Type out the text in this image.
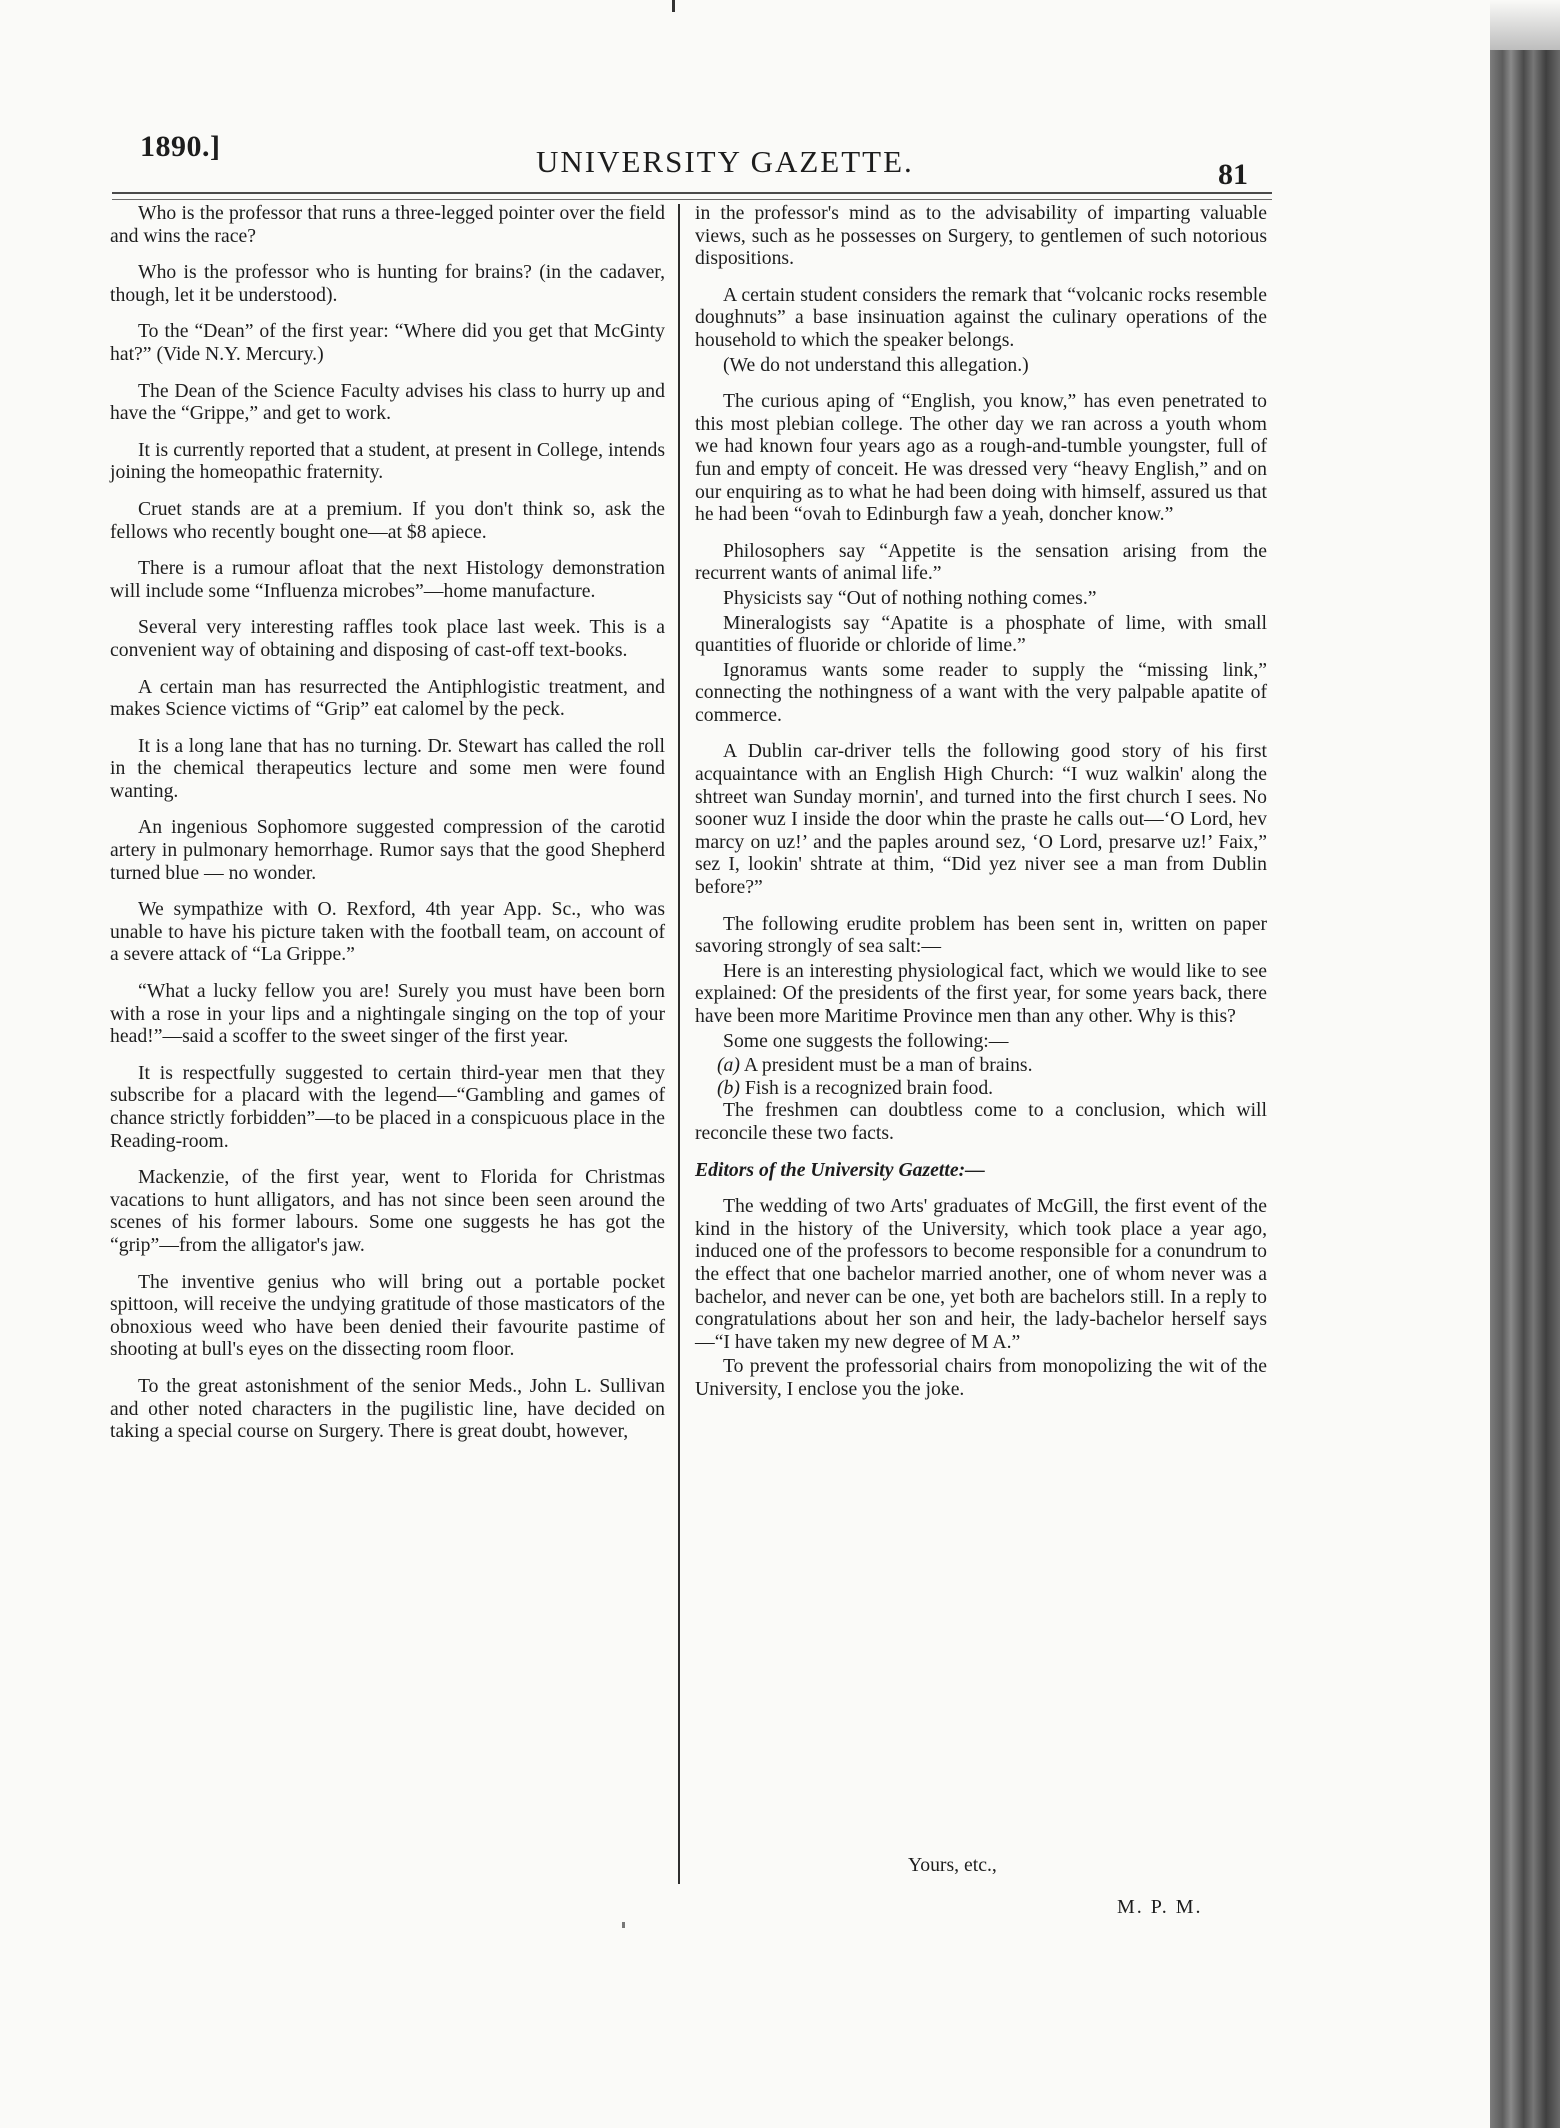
1890.]	UNIVERSITY GAZETTE.	81

Who is the professor that runs a three-legged pointer over the field and wins the race?

Who is the professor who is hunting for brains? (in the cadaver, though, let it be understood).

To the “Dean” of the first year: “Where did you get that McGinty hat?” (Vide N.Y. Mercury.)

The Dean of the Science Faculty advises his class to hurry up and have the “Grippe,” and get to work.

It is currently reported that a student, at present in College, intends joining the homeopathic fraternity.

Cruet stands are at a premium. If you don't think so, ask the fellows who recently bought one—at $8 apiece.

There is a rumour afloat that the next Histology demonstration will include some “Influenza microbes”—home manufacture.

Several very interesting raffles took place last week. This is a convenient way of obtaining and disposing of cast-off text-books.

A certain man has resurrected the Antiphlogistic treatment, and makes Science victims of “Grip” eat calomel by the peck.

It is a long lane that has no turning. Dr. Stewart has called the roll in the chemical therapeutics lecture and some men were found wanting.

An ingenious Sophomore suggested compression of the carotid artery in pulmonary hemorrhage. Rumor says that the good Shepherd turned blue — no wonder.

We sympathize with O. Rexford, 4th year App. Sc., who was unable to have his picture taken with the football team, on account of a severe attack of “La Grippe.”

“What a lucky fellow you are! Surely you must have been born with a rose in your lips and a nightingale singing on the top of your head!”—said a scoffer to the sweet singer of the first year.

It is respectfully suggested to certain third-year men that they subscribe for a placard with the legend—“Gambling and games of chance strictly forbidden”—to be placed in a conspicuous place in the Reading-room.

Mackenzie, of the first year, went to Florida for Christmas vacations to hunt alligators, and has not since been seen around the scenes of his former labours. Some one suggests he has got the “grip”—from the alligator's jaw.

The inventive genius who will bring out a portable pocket spittoon, will receive the undying gratitude of those masticators of the obnoxious weed who have been denied their favourite pastime of shooting at bull's eyes on the dissecting room floor.

To the great astonishment of the senior Meds., John L. Sullivan and other noted characters in the pugilistic line, have decided on taking a special course on Surgery. There is great doubt, however,

in the professor's mind as to the advisability of imparting valuable views, such as he possesses on Surgery, to gentlemen of such notorious dispositions.

A certain student considers the remark that “volcanic rocks resemble doughnuts” a base insinuation against the culinary operations of the household to which the speaker belongs.

(We do not understand this allegation.)

The curious aping of “English, you know,” has even penetrated to this most plebian college. The other day we ran across a youth whom we had known four years ago as a rough-and-tumble youngster, full of fun and empty of conceit. He was dressed very “heavy English,” and on our enquiring as to what he had been doing with himself, assured us that he had been “ovah to Edinburgh faw a yeah, doncher know.”

Philosophers say “Appetite is the sensation arising from the recurrent wants of animal life.”

Physicists say “Out of nothing nothing comes.”

Mineralogists say “Apatite is a phosphate of lime, with small quantities of fluoride or chloride of lime.”

Ignoramus wants some reader to supply the “missing link,” connecting the nothingness of a want with the very palpable apatite of commerce.

A Dublin car-driver tells the following good story of his first acquaintance with an English High Church: “I wuz walkin' along the shtreet wan Sunday mornin', and turned into the first church I sees. No sooner wuz I inside the door whin the praste he calls out—‘O Lord, hev marcy on uz!’ and the paples around sez, ‘O Lord, presarve uz!’ Faix,” sez I, lookin' shtrate at thim, “Did yez niver see a man from Dublin before?”

The following erudite problem has been sent in, written on paper savoring strongly of sea salt:—

Here is an interesting physiological fact, which we would like to see explained: Of the presidents of the first year, for some years back, there have been more Maritime Province men than any other. Why is this?

Some one suggests the following:—

(a) A president must be a man of brains.

(b) Fish is a recognized brain food.

The freshmen can doubtless come to a conclusion, which will reconcile these two facts.

Editors of the University Gazette:—

The wedding of two Arts' graduates of McGill, the first event of the kind in the history of the University, which took place a year ago, induced one of the professors to become responsible for a conundrum to the effect that one bachelor married another, one of whom never was a bachelor, and never can be one, yet both are bachelors still. In a reply to congratulations about her son and heir, the lady-bachelor herself says—“I have taken my new degree of M A.”

To prevent the professorial chairs from monopolizing the wit of the University, I enclose you the joke.

Yours, etc.,
M. P. M.
